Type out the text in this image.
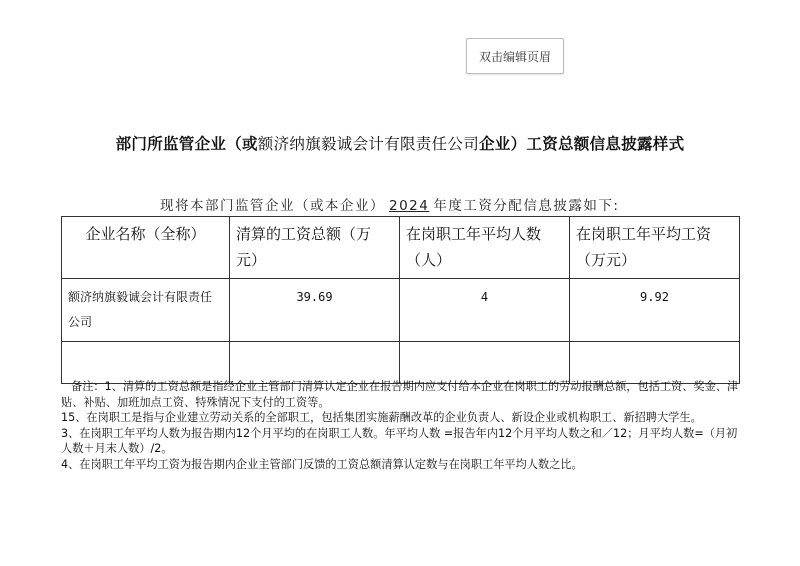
双击编辑页眉
部门所监管企业（或额济纳旗毅诚会计有限责任公司企业）工资总额信息披露样式
现将本部门监管企业（或本企业） 2024 年度工资分配信息披露如下:
企业名称（全称）	清算的工资总额（万元）	在岗职工年平均人数（人）	在岗职工年平均工资（万元）
额济纳旗毅诚会计有限责任公司	39.69	4	9.92

备注：1、清算的工资总额是指经企业主管部门清算认定企业在报告期内应支付给本企业在岗职工的劳动报酬总额，包括工资、奖金、津贴、补贴、加班加点工资、特殊情况下支付的工资等。

15、在岗职工是指与企业建立劳动关系的全部职工，包括集团实施薪酬改革的企业负责人、新设企业或机构职工、新招聘大学生。

3、在岗职工年平均人数为报告期内12个月平均的在岗职工人数。年平均人数 =报告年内12个月平均人数之和／12；月平均人数=（月初人数＋月末人数）/2。

4、在岗职工年平均工资为报告期内企业主管部门反馈的工资总额清算认定数与在岗职工年平均人数之比。
